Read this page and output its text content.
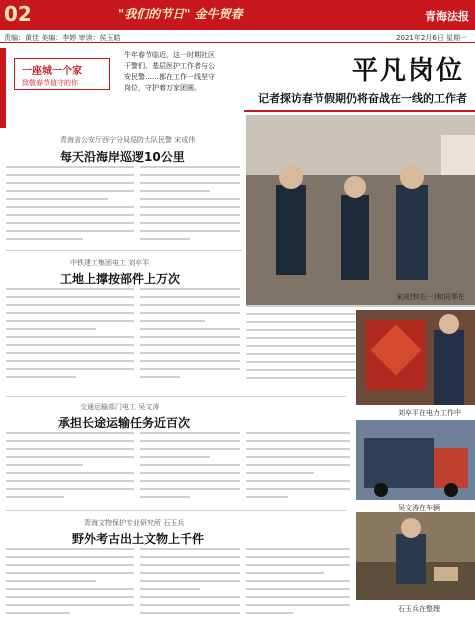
02	"我们的节日" 金牛贺春	青海法报
责编：黄佳 美编：李婷 审读：侯玉皓	2021年2月6日 星期一
一座城一个家
致敬春节值守的你
牛年春节临近，这一时期社区干警们、基层医护工作者与公安民警……都在工作一线坚守岗位，守护着万家团圆。
平凡岗位
记者探访春节假期仍将奋战在一线的工作者
青海省公安厅西宁分局巡防大队民警 宋成伟
每天沿海岸巡逻10公里
宋成伟(右一)和同事在
中铁建工集团电工 刘卒平
工地上撑按部件上万次
刘卒平在电力工作中
交通运输部门电工 吴文涛
承担长途运输任务近百次
吴文涛在车辆
青海文物保护专业研究所 石玉兵
野外考古出土文物上千件
石玉兵在整理
